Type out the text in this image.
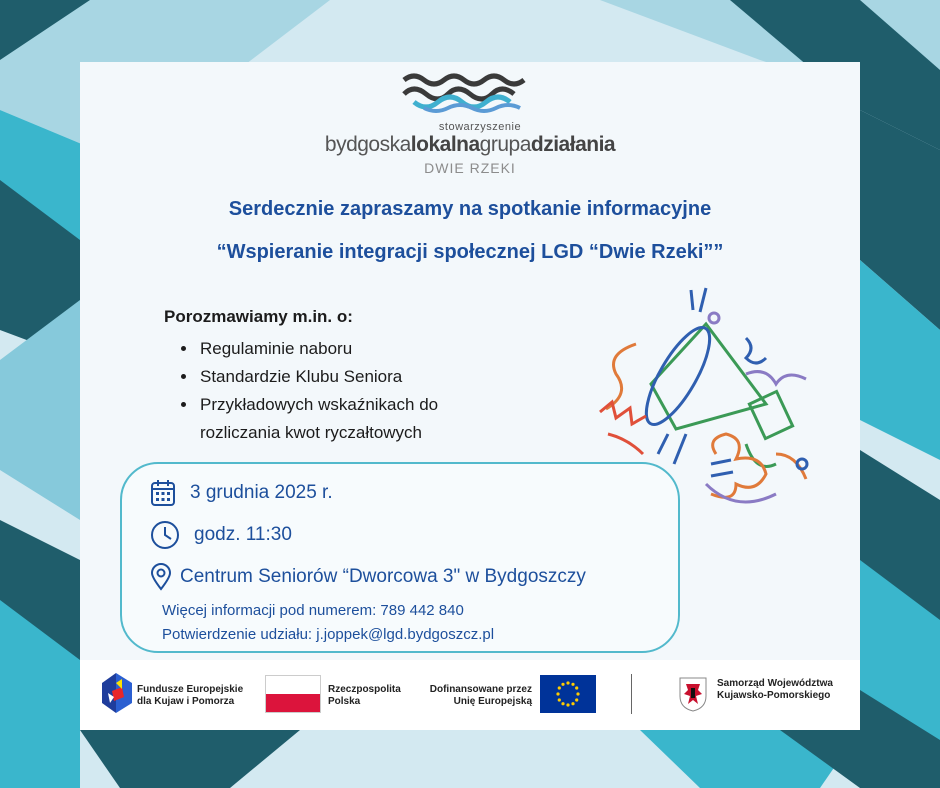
stowarzyszenie
bydgoskalokalnagrupadziałania
DWIE RZEKI
Serdecznie zapraszamy na spotkanie informacyjne
“Wspieranie integracji społecznej LGD “Dwie Rzeki””
Porozmawiamy m.in. o:
• Regulaminie naboru
• Standardzie Klubu Seniora
• Przykładowych wskaźnikach do
rozliczania kwot ryczałtowych
3 grudnia 2025 r.
godz. 11:30
Centrum Seniorów “Dworcowa 3" w Bydgoszczy
Więcej informacji pod numerem: 789 442 840
Potwierdzenie udziału: j.joppek@lgd.bydgoszcz.pl
Fundusze Europejskie
dla Kujaw i Pomorza
Rzeczpospolita
Polska
Dofinansowane przez
Unię Europejską
Samorząd Województwa
Kujawsko-Pomorskiego
